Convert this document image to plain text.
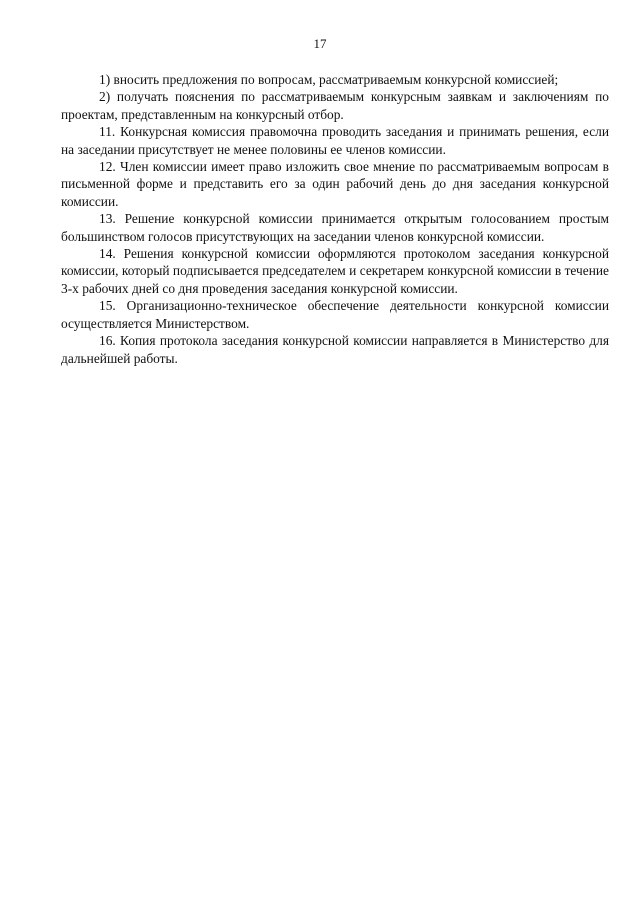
17

1) вносить предложения по вопросам, рассматриваемым конкурсной комиссией;

2) получать пояснения по рассматриваемым конкурсным заявкам и заключениям по проектам, представленным на конкурсный отбор.

11. Конкурсная комиссия правомочна проводить заседания и принимать решения, если на заседании присутствует не менее половины ее членов комиссии.

12. Член комиссии имеет право изложить свое мнение по рассматриваемым вопросам в письменной форме и представить его за один рабочий день до дня заседания конкурсной комиссии.

13. Решение конкурсной комиссии принимается открытым голосованием простым большинством голосов присутствующих на заседании членов конкурсной комиссии.

14. Решения конкурсной комиссии оформляются протоколом заседания конкурсной комиссии, который подписывается председателем и секретарем конкурсной комиссии в течение 3-х рабочих дней со дня проведения заседания конкурсной комиссии.

15. Организационно-техническое обеспечение деятельности конкурсной комиссии осуществляется Министерством.

16. Копия протокола заседания конкурсной комиссии направляется в Министерство для дальнейшей работы.
